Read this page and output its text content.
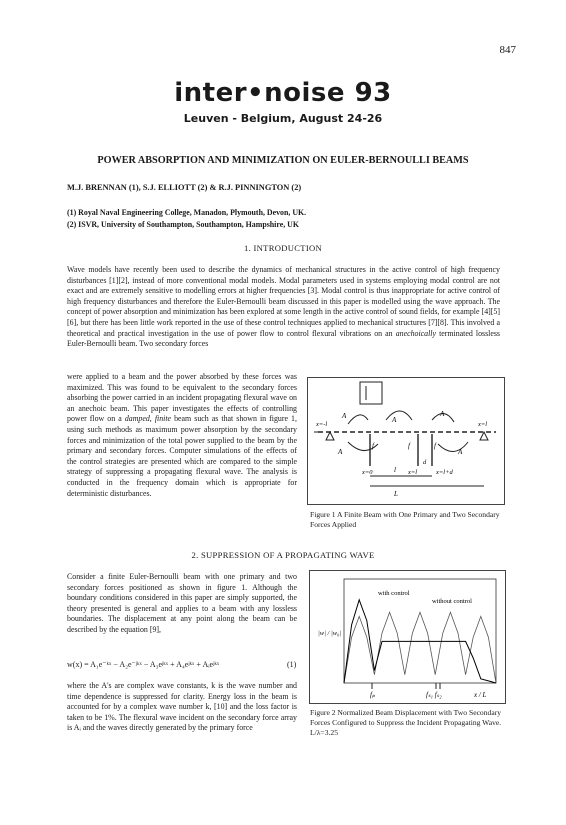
847
inter•noise 93
Leuven - Belgium, August 24-26
POWER ABSORPTION AND MINIMIZATION ON EULER-BERNOULLI BEAMS
M.J. BRENNAN (1), S.J. ELLIOTT (2) & R.J. PINNINGTON (2)
(1) Royal Naval Engineering College, Manadon, Plymouth, Devon, UK.
(2) ISVR, University of Southampton, Southampton, Hampshire, UK
1. INTRODUCTION
Wave models have recently been used to describe the dynamics of mechanical structures in the active control of high frequency disturbances [1][2], instead of more conventional modal models. Modal parameters used in systems employing modal control are not exact and are extremely sensitive to modelling errors at higher frequencies [3]. Modal control is thus inappropriate for active control of high frequency disturbances and therefore the Euler-Bernoulli beam discussed in this paper is modelled using the wave approach. The concept of power absorption and minimization has been explored at some length in the active control of sound fields, for example [4][5][6], but there has been little work reported in the use of these control techniques applied to mechanical structures [7][8]. This involved a theoretical and practical investigation in the use of power flow to control flexural vibrations on an anechoically terminated lossless Euler-Bernoulli beam. Two secondary forces
were applied to a beam and the power absorbed by these forces was maximized. This was found to be equivalent to the secondary forces absorbing the power carried in an incident propagating flexural wave on an anechoic beam. This paper investigates the effects of controlling power flow on a damped, finite beam such as that shown in figure 1, using such methods as maximum power absorption by the secondary forces and minimization of the total power supplied to the beam by the primary and secondary forces. Computer simulations of the effects of the control strategies are presented which are compared to the simple strategy of suppressing a propagating flexural wave. The analysis is conducted in the frequency domain which is appropriate for deterministic disturbances.
A	A
A
A	A
x=-l	x=l
f	f	f
x=0	x=l	x=l+d
d
L
l
Figure 1 A Finite Beam with One Primary and Two Secondary Forces Applied
2. SUPPRESSION OF A PROPAGATING WAVE
Consider a finite Euler-Bernoulli beam with one primary and two secondary forces positioned as shown in figure 1. Although the boundary conditions considered in this paper are simply supported, the theory presented is general and applies to a beam with any lossless boundaries. The displacement at any point along the beam can be described by the equation [9],
w(x) = A₁e⁻ᵏˣ − A₂e⁻ʲᵏˣ − A₃eʲᵏˣ + A₄eʲᵏˣ + Aᵢeʲᵏˣ	(1)
where the A's are complex wave constants, k is the wave number and time dependence is suppressed for clarity. Energy loss in the beam is accounted for by a complex wave number k, [10] and the loss factor is taken to be 1%. The flexural wave incident on the secondary force array is Aᵢ and the waves directly generated by the primary force
with control
without control
|w| / |w₀|
fₚ	fₛ₁ fₛ₂	x / L
Figure 2 Normalized Beam Displacement with Two Secondary Forces Configured to Suppress the Incident Propagating Wave. L/λ=3.25
